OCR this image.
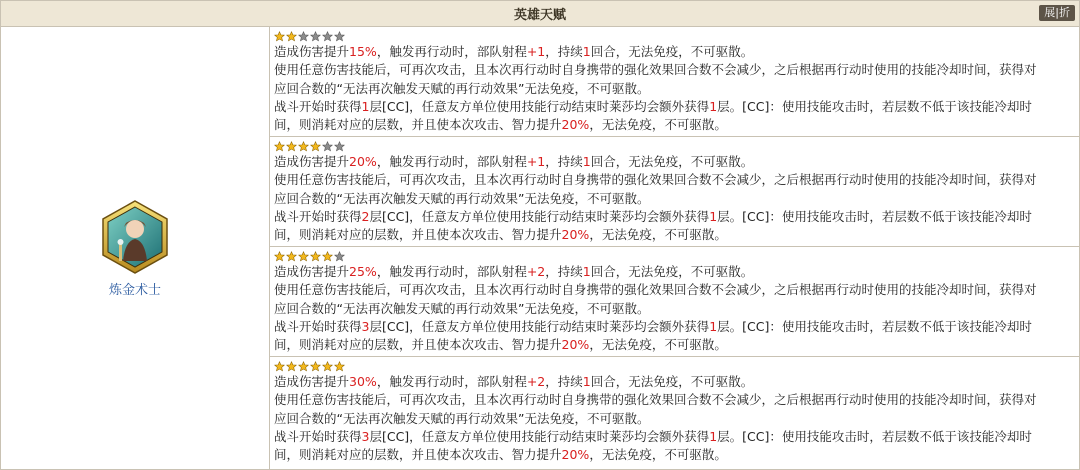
英雄天赋	展|折
炼金术士
造成伤害提升15%，触发再行动时，部队射程+1，持续1回合，无法免疫，不可驱散。
使用任意伤害技能后，可再次攻击，且本次再行动时自身携带的强化效果回合数不会减少，之后根据再行动时使用的技能冷却时间，获得对
应回合数的“无法再次触发天赋的再行动效果”无法免疫，不可驱散。
战斗开始时获得1层[CC]，任意友方单位使用技能行动结束时莱莎均会额外获得1层。[CC]：使用技能攻击时，若层数不低于该技能冷却时
间，则消耗对应的层数，并且使本次攻击、智力提升20%，无法免疫，不可驱散。
造成伤害提升20%，触发再行动时，部队射程+1，持续1回合，无法免疫，不可驱散。
使用任意伤害技能后，可再次攻击，且本次再行动时自身携带的强化效果回合数不会减少，之后根据再行动时使用的技能冷却时间，获得对
应回合数的“无法再次触发天赋的再行动效果”无法免疫，不可驱散。
战斗开始时获得2层[CC]，任意友方单位使用技能行动结束时莱莎均会额外获得1层。[CC]：使用技能攻击时，若层数不低于该技能冷却时
间，则消耗对应的层数，并且使本次攻击、智力提升20%，无法免疫，不可驱散。
造成伤害提升25%，触发再行动时，部队射程+2，持续1回合，无法免疫，不可驱散。
使用任意伤害技能后，可再次攻击，且本次再行动时自身携带的强化效果回合数不会减少，之后根据再行动时使用的技能冷却时间，获得对
应回合数的“无法再次触发天赋的再行动效果”无法免疫，不可驱散。
战斗开始时获得3层[CC]，任意友方单位使用技能行动结束时莱莎均会额外获得1层。[CC]：使用技能攻击时，若层数不低于该技能冷却时
间，则消耗对应的层数，并且使本次攻击、智力提升20%，无法免疫，不可驱散。
造成伤害提升30%，触发再行动时，部队射程+2，持续1回合，无法免疫，不可驱散。
使用任意伤害技能后，可再次攻击，且本次再行动时自身携带的强化效果回合数不会减少，之后根据再行动时使用的技能冷却时间，获得对
应回合数的“无法再次触发天赋的再行动效果”无法免疫，不可驱散。
战斗开始时获得3层[CC]，任意友方单位使用技能行动结束时莱莎均会额外获得1层。[CC]：使用技能攻击时，若层数不低于该技能冷却时
间，则消耗对应的层数，并且使本次攻击、智力提升20%，无法免疫，不可驱散。
